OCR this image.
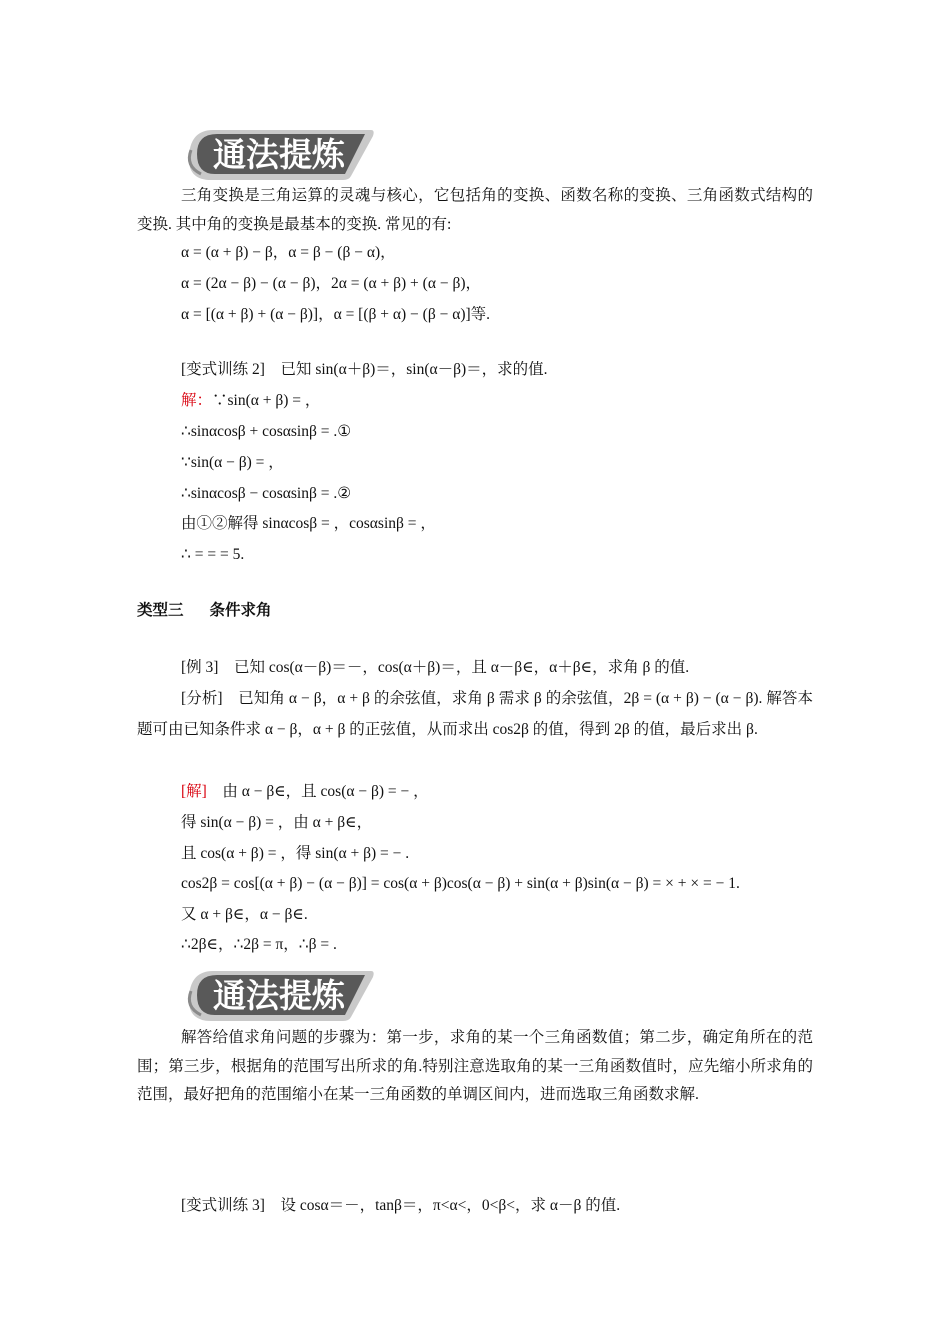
通法提炼
三角变换是三角运算的灵魂与核心，它包括角的变换、函数名称的变换、三角函数式结构的变换. 其中角的变换是最基本的变换. 常见的有:
α = (α + β) − β，α = β − (β − α)，
α = (2α − β) − (α − β)，2α = (α + β) + (α − β)，
α = [(α + β) + (α − β)]，α = [(β + α) − (β − α)]等.
[变式训练 2]　已知 sin(α＋β)＝，sin(α－β)＝，求的值.
解：∵sin(α + β) = ，
∴sinαcosβ + cosαsinβ = .①
∵sin(α − β) = ，
∴sinαcosβ − cosαsinβ = .②
由①②解得 sinαcosβ = ，cosαsinβ = ，
∴ = = = 5.
类型三 条件求角
[例 3]　已知 cos(α－β)＝－，cos(α＋β)＝，且 α－β∈，α＋β∈，求角 β 的值.
[分析]　已知角 α − β，α + β 的余弦值，求角 β 需求 β 的余弦值，2β = (α + β) − (α − β). 解答本题可由已知条件求 α − β，α + β 的正弦值，从而求出 cos2β 的值，得到 2β 的值，最后求出 β.
[解]　由 α − β∈，且 cos(α − β) = − ，
得 sin(α − β) = ，由 α + β∈，
且 cos(α + β) = ，得 sin(α + β) = − .
cos2β = cos[(α + β) − (α − β)] = cos(α + β)cos(α − β) + sin(α + β)sin(α − β) = × + × = − 1.
又 α + β∈，α − β∈.
∴2β∈，∴2β = π，∴β = .
通法提炼
解答给值求角问题的步骤为：第一步，求角的某一个三角函数值；第二步，确定角所在的范围；第三步，根据角的范围写出所求的角.特别注意选取角的某一三角函数值时，应先缩小所求角的范围，最好把角的范围缩小在某一三角函数的单调区间内，进而选取三角函数求解.
[变式训练 3]　设 cosα＝－，tanβ＝，π<α<，0<β<，求 α－β 的值.
